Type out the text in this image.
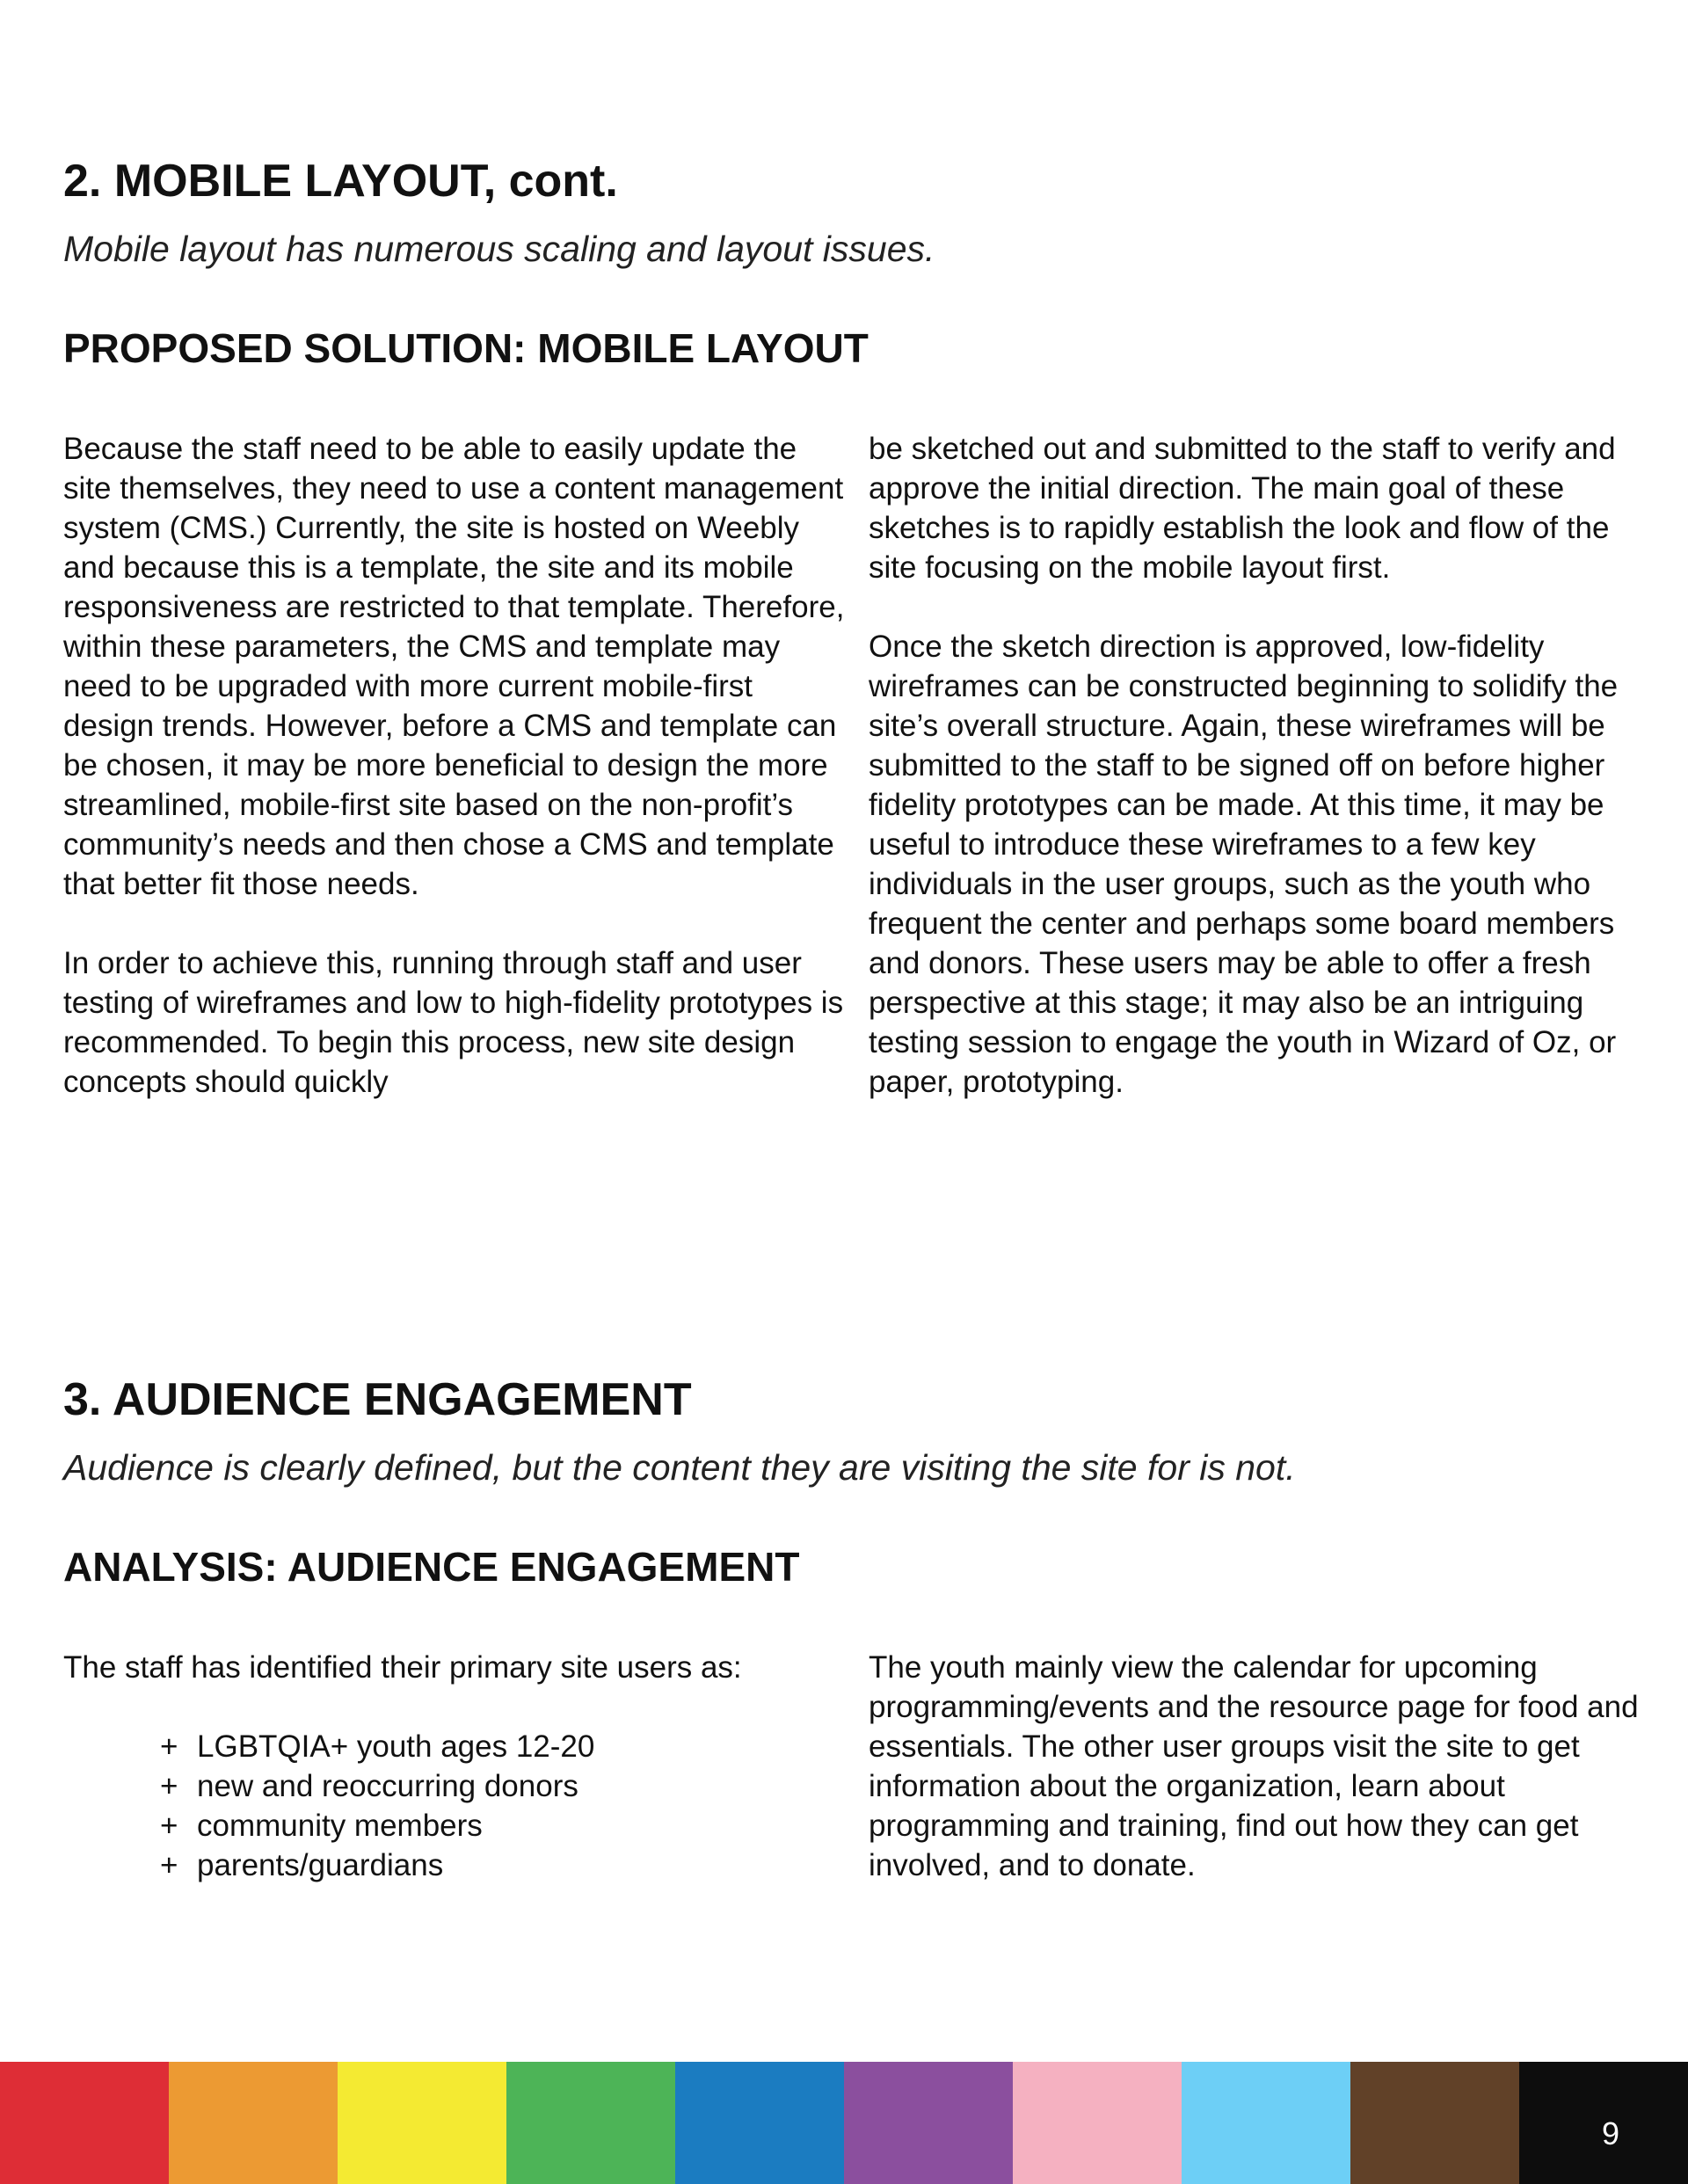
2. MOBILE LAYOUT, cont.

Mobile layout has numerous scaling and layout issues.

PROPOSED SOLUTION: MOBILE LAYOUT

Because the staff need to be able to easily update the site themselves, they need to use a content management system (CMS.) Currently, the site is hosted on Weebly and because this is a template, the site and its mobile responsiveness are restricted to that template. Therefore, within these parameters, the CMS and template may need to be upgraded with more current mobile-first design trends. However, before a CMS and template can be chosen, it may be more beneficial to design the more streamlined, mobile-first site based on the non-profit’s community’s needs and then chose a CMS and template that better fit those needs.

In order to achieve this, running through staff and user testing of wireframes and low to high-fidelity prototypes is recommended. To begin this process, new site design concepts should quickly

be sketched out and submitted to the staff to verify and approve the initial direction. The main goal of these sketches is to rapidly establish the look and flow of the site focusing on the mobile layout first.

Once the sketch direction is approved, low-fidelity wireframes can be constructed beginning to solidify the site’s overall structure. Again, these wireframes will be submitted to the staff to be signed off on before higher fidelity prototypes can be made. At this time, it may be useful to introduce these wireframes to a few key individuals in the user groups, such as the youth who frequent the center and perhaps some board members and donors. These users may be able to offer a fresh perspective at this stage; it may also be an intriguing testing session to engage the youth in Wizard of Oz, or paper, prototyping.

3. AUDIENCE ENGAGEMENT

Audience is clearly defined, but the content they are visiting the site for is not.

ANALYSIS: AUDIENCE ENGAGEMENT

The staff has identified their primary site users as:

+ LGBTQIA+ youth ages 12-20
+ new and reoccurring donors
+ community members
+ parents/guardians

The youth mainly view the calendar for upcoming programming/events and the resource page for food and essentials. The other user groups visit the site to get information about the organization, learn about programming and training, find out how they can get involved, and to donate.

9
